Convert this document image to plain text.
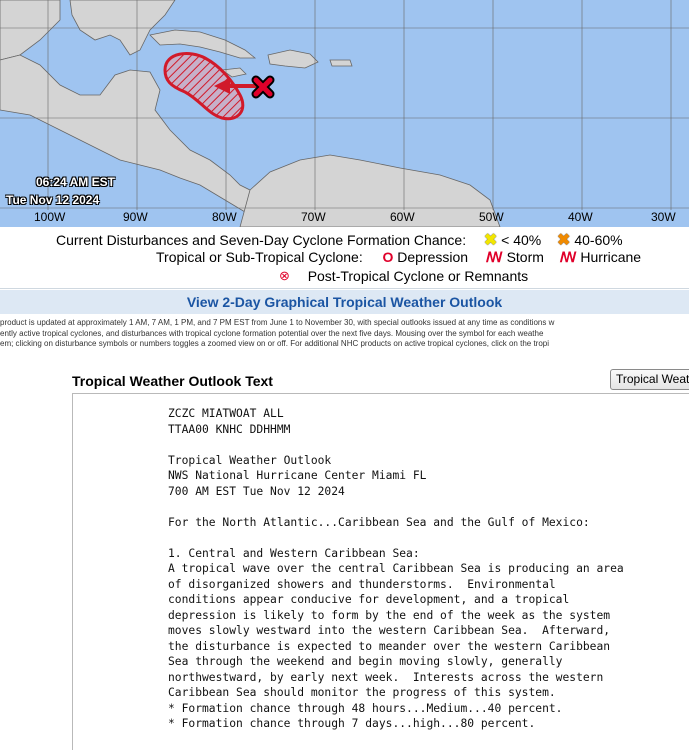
06:24 AM EST
Tue Nov 12 2024
100W	90W	80W	70W	60W	50W	40W	30W
Current Disturbances and Seven-Day Cyclone Formation Chance: ✖ < 40% ✖ 40-60%
Tropical or Sub-Tropical Cyclone: O Depression ꟿ Storm ꟿ Hurricane
⊗ Post-Tropical Cyclone or Remnants
View 2-Day Graphical Tropical Weather Outlook
product is updated at approximately 1 AM, 7 AM, 1 PM, and 7 PM EST from June 1 to November 30, with special outlooks issued at any time as conditions w
ently active tropical cyclones, and disturbances with tropical cyclone formation potential over the next five days. Mousing over the symbol for each weathe
em; clicking on disturbance symbols or numbers toggles a zoomed view on or off. For additional NHC products on active tropical cyclones, click on the tropi
Tropical Weather Outlook Text	Tropical Weat
ZCZC MIATWOAT ALL
TTAA00 KNHC DDHHMM

Tropical Weather Outlook
NWS National Hurricane Center Miami FL
700 AM EST Tue Nov 12 2024

For the North Atlantic...Caribbean Sea and the Gulf of Mexico:

1. Central and Western Caribbean Sea:
A tropical wave over the central Caribbean Sea is producing an area
of disorganized showers and thunderstorms.  Environmental
conditions appear conducive for development, and a tropical
depression is likely to form by the end of the week as the system
moves slowly westward into the western Caribbean Sea.  Afterward,
the disturbance is expected to meander over the western Caribbean
Sea through the weekend and begin moving slowly, generally
northwestward, by early next week.  Interests across the western
Caribbean Sea should monitor the progress of this system.
* Formation chance through 48 hours...Medium...40 percent.
* Formation chance through 7 days...high...80 percent.
